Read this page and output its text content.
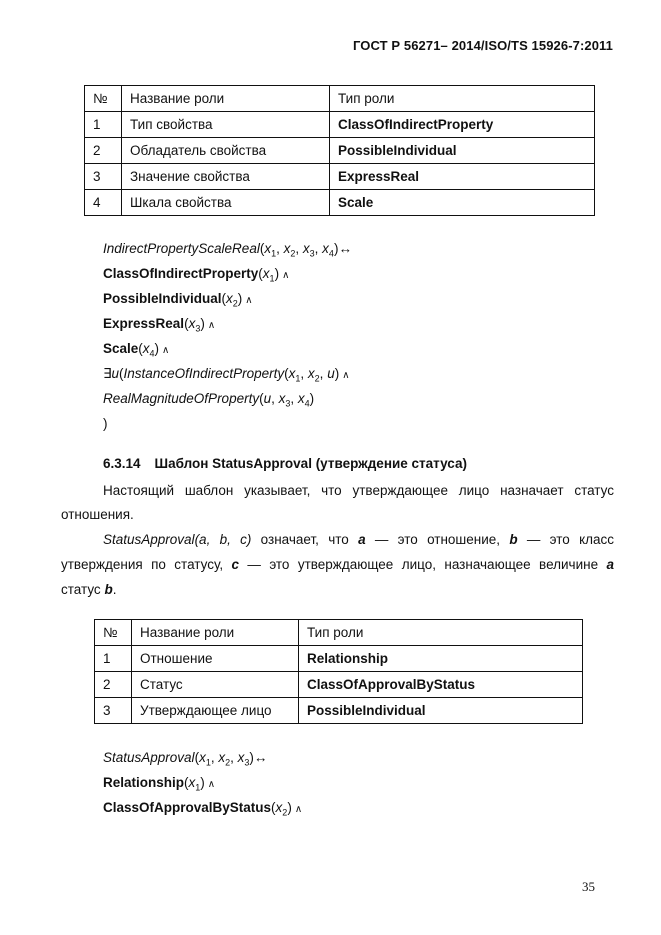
ГОСТ Р 56271– 2014/ISO/TS 15926-7:2011
№	Название роли	Тип роли
1	Тип свойства	ClassOfIndirectProperty
2	Обладатель свойства	PossibleIndividual
3	Значение свойства	ExpressReal
4	Шкала свойства	Scale
$IndirectPropertyScaleReal(x_1$, $x_2$, $x_3$, $x_4)\leftrightarrow$
$ClassOfIndirectProperty(x_1)$ ∧
$PossibleIndividual(x_2)$ ∧
$ExpressReal(x_3)$ ∧
$Scale(x_4)$ ∧
$\exists u(InstanceOfIndirectProperty(x_1$, $x_2$, u) ∧
RealMagnitudeOfProperty(u, $x_3$, $x_4$)
)
6.3.14 Шаблон StatusApproval (утверждение статуса)
Настоящий шаблон указывает, что утверждающее лицо назначает статус
отношения.
StatusApproval(a, b, c) означает, что a — это отношение, b — это класс
утверждения по статусу, c — это утверждающее лицо, назначающее величине a
статус b.
№	Название роли	Тип роли
1	Отношение	Relationship
2	Статус	ClassOfApprovalByStatus
3	Утверждающее лицо	PossibleIndividual
$StatusApproval(x_1$, $x_2$, $x_3)\leftrightarrow$
$Relationship(x_1)$ ∧
$ClassOfApprovalByStatus(x_2)$ ∧
35
